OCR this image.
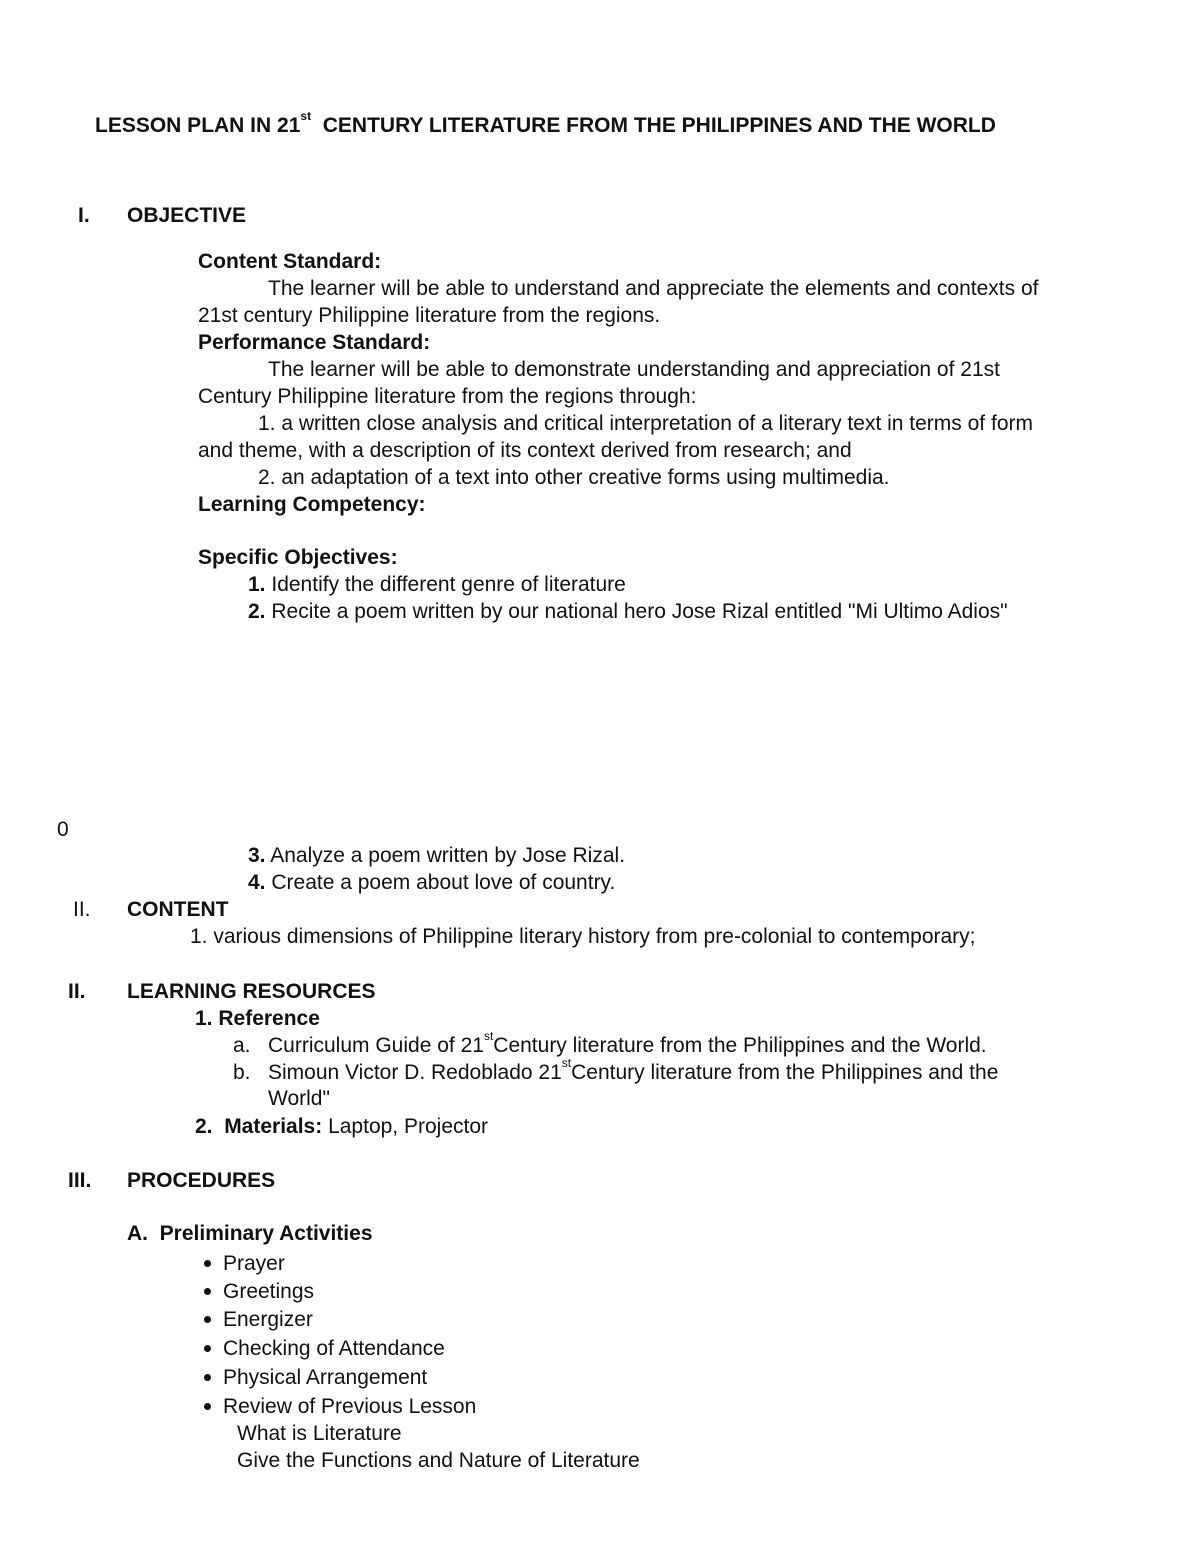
LESSON PLAN IN 21st CENTURY LITERATURE FROM THE PHILIPPINES AND THE WORLD
I. OBJECTIVE
Content Standard:
The learner will be able to understand and appreciate the elements and contexts of
21st century Philippine literature from the regions.
Performance Standard:
The learner will be able to demonstrate understanding and appreciation of 21st
Century Philippine literature from the regions through:
1. a written close analysis and critical interpretation of a literary text in terms of form
and theme, with a description of its context derived from research; and
2. an adaptation of a text into other creative forms using multimedia.
Learning Competency:
Specific Objectives:
1. Identify the different genre of literature
2. Recite a poem written by our national hero Jose Rizal entitled "Mi Ultimo Adios"
0
3. Analyze a poem written by Jose Rizal.
4. Create a poem about love of country.
II. CONTENT
1. various dimensions of Philippine literary history from pre-colonial to contemporary;
II. LEARNING RESOURCES
1. Reference
a. Curriculum Guide of 21stCentury literature from the Philippines and the World.
b. Simoun Victor D. Redoblado 21stCentury literature from the Philippines and the
World"
2. Materials: Laptop, Projector
III. PROCEDURES
A. Preliminary Activities
Prayer
Greetings
Energizer
Checking of Attendance
Physical Arrangement
Review of Previous Lesson
What is Literature
Give the Functions and Nature of Literature
